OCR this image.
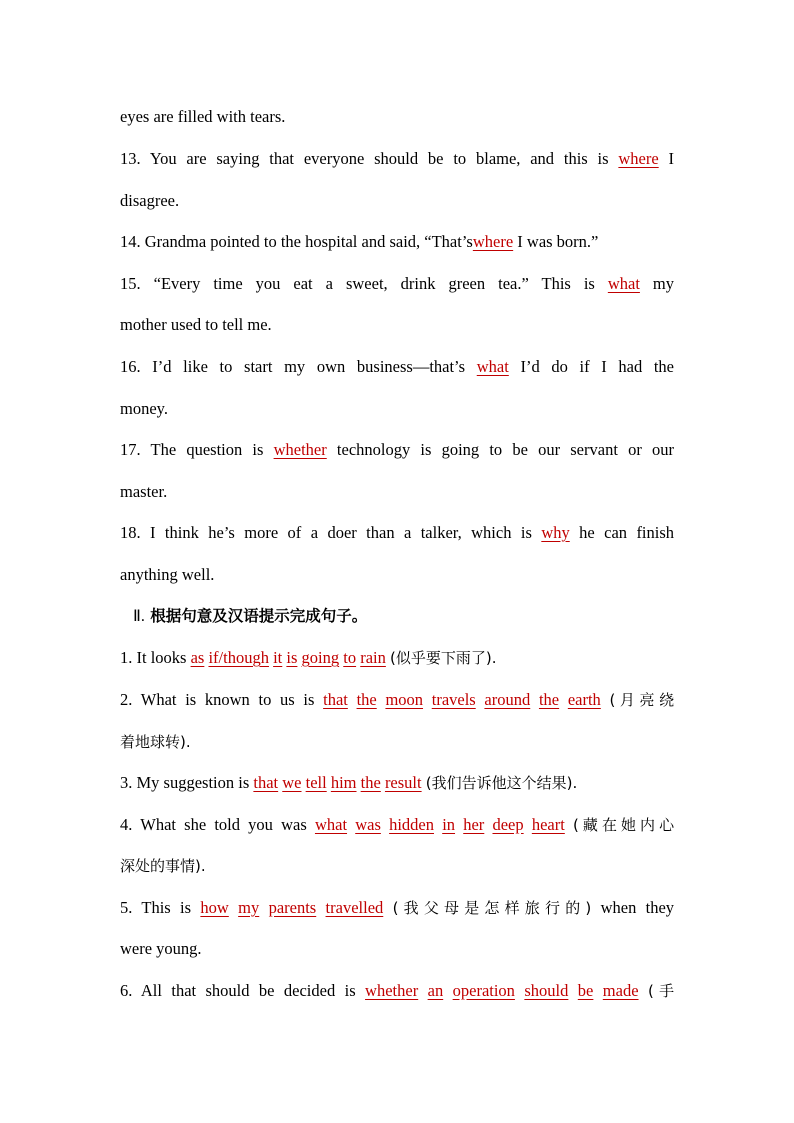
eyes are filled with tears.
13. You are saying that everyone should be to blame, and this is where I
disagree.
14. Grandma pointed to the hospital and said, “That’swhere I was born.”
15. “Every time you eat a sweet, drink green tea.” This is what my
mother used to tell me.
16. I’d like to start my own business—that’s what I’d do if I had the
money.
17. The question is whether technology is going to be our servant or our
master.
18. I think he’s more of a doer than a talker, which is why he can finish
anything well.
Ⅱ. 根据句意及汉语提示完成句子。
1. It looks as if/though it is going to rain (似乎要下雨了).
2. What is known to us is that the moon travels around the earth (月亮绕
着地球转).
3. My suggestion is that we tell him the result (我们告诉他这个结果).
4. What she told you was what was hidden in her deep heart (藏在她内心
深处的事情).
5. This is how my parents travelled (我父母是怎样旅行的) when they
were young.
6. All that should be decided is whether an operation should be made (手
